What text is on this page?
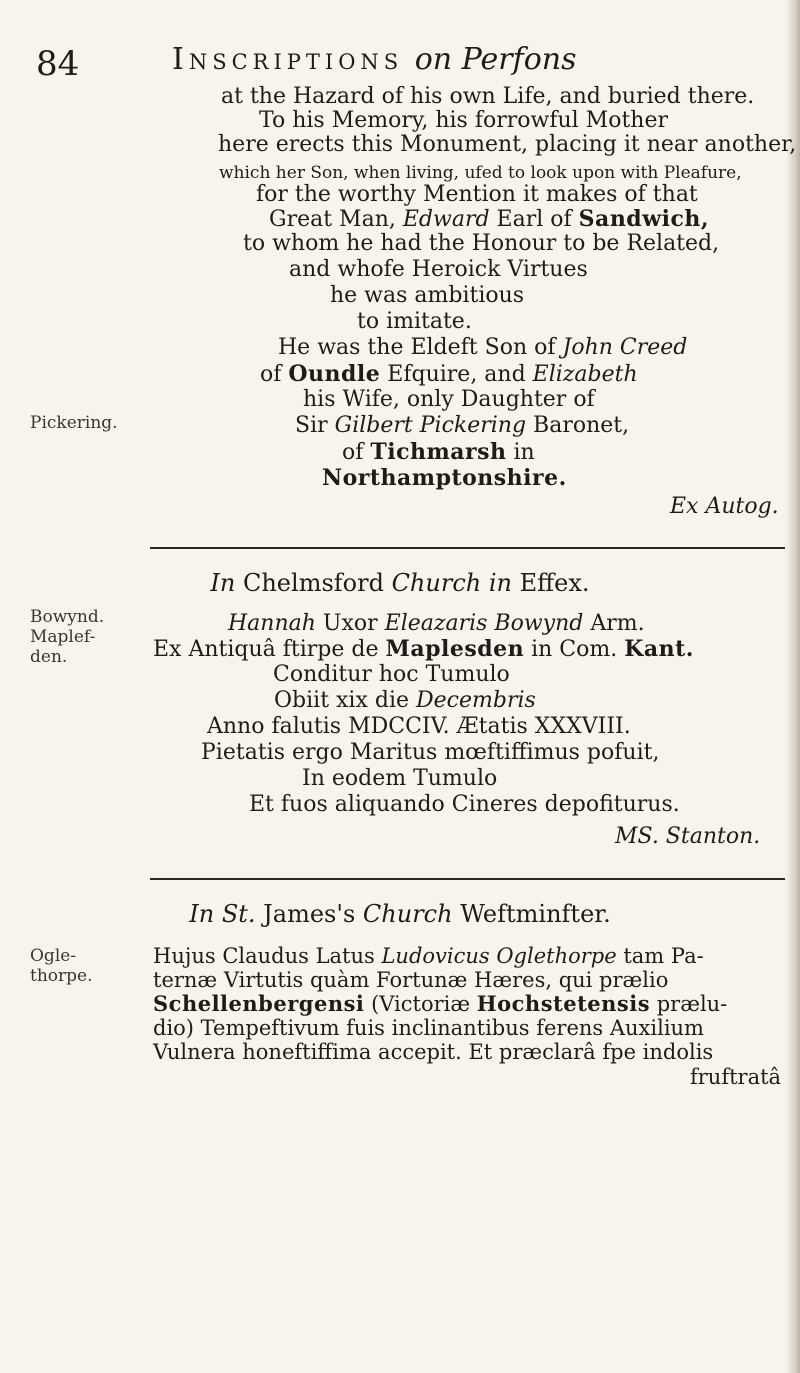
84	Inscriptions on Perfons
at the Hazard of his own Life, and buried there.
To his Memory, his forrowful Mother
here erects this Monument, placing it near another,
which her Son, when living, ufed to look upon with Pleafure,
for the worthy Mention it makes of that
Great Man, Edward Earl of Sandwich,
to whom he had the Honour to be Related,
and whofe Heroick Virtues
he was ambitious
to imitate.
He was the Eldeft Son of John Creed
of Oundle Efquire, and Elizabeth
his Wife, only Daughter of
Sir Gilbert Pickering Baronet,
of Tichmarsh in
Northamptonshire.
Ex Autog.
Pickering.
In Chelmsford Church in Effex.
Hannah Uxor Eleazaris Bowynd Arm.
Ex Antiquâ ftirpe de Maplesden in Com. Kant.
Conditur hoc Tumulo
Obiit xix die Decembris
Anno falutis MDCCIV. Ætatis XXXVIII.
Pietatis ergo Maritus mœftiffimus pofuit,
In eodem Tumulo
Et fuos aliquando Cineres depofiturus.
MS. Stanton.
Bowynd.
Maplef-
den.
In St. James's Church Weftminfter.
Hujus Claudus Latus Ludovicus Oglethorpe tam Pa-
ternæ Virtutis quàm Fortunæ Hæres, qui prælio
Schellenbergensi (Victoriæ Hochstetensis prælu-
dio) Tempeftivum fuis inclinantibus ferens Auxilium
Vulnera honeftiffima accepit. Et præclarâ fpe indolis
fruftratâ
Ogle-
thorpe.
